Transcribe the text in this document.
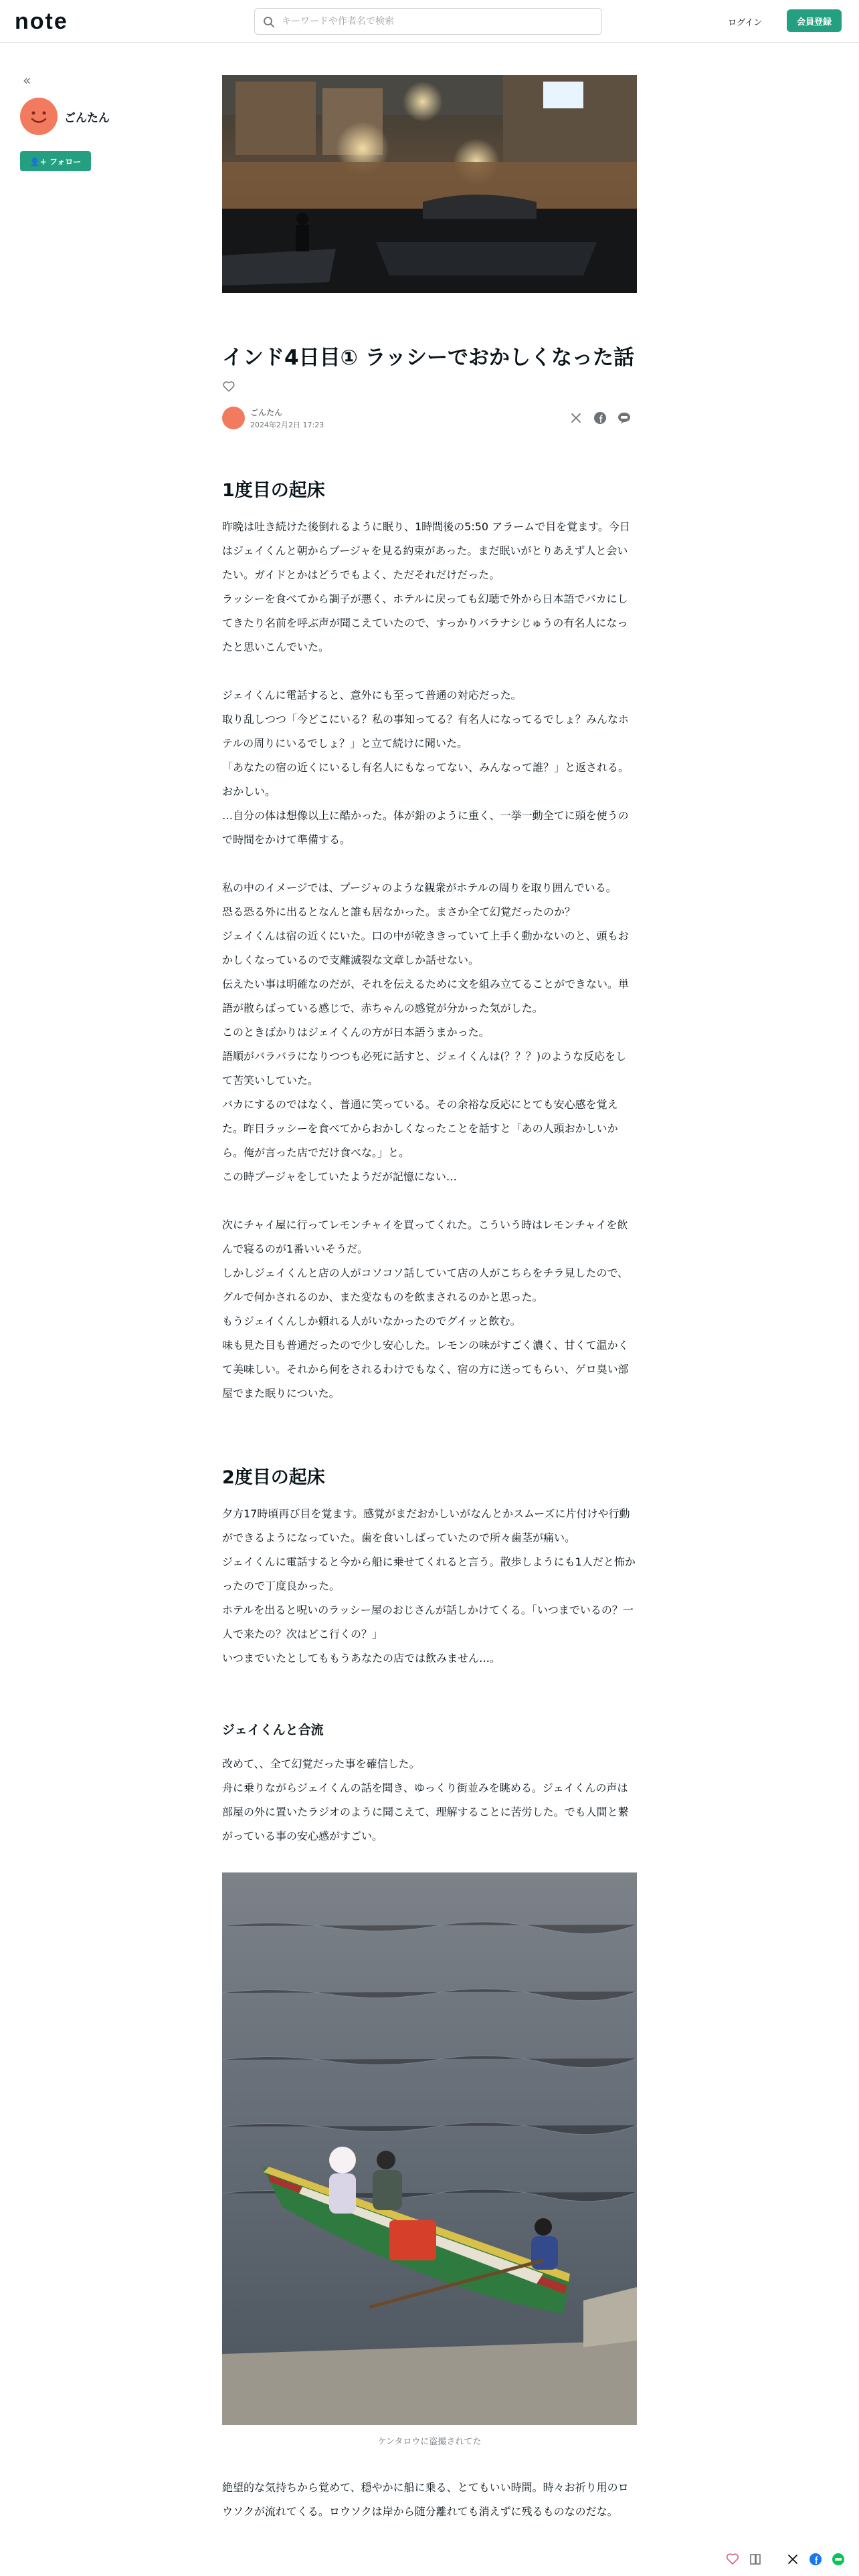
note
キーワードや作者名で検索	ログイン	会員登録
«
ごんたん
👤+ フォロー
インド4日目① ラッシーでおかしくなった話
ごんたん
2024年2月2日 17:23
1度目の起床

昨晩は吐き続けた後倒れるように眠り、1時間後の5:50 アラームで目を覚ます。今日はジェイくんと朝からプージャを見る約束があった。まだ眠いがとりあえず人と会いたい。ガイドとかはどうでもよく、ただそれだけだった。

ラッシーを食べてから調子が悪く、ホテルに戻っても幻聴で外から日本語でバカにしてきたり名前を呼ぶ声が聞こえていたので、すっかりバラナシじゅうの有名人になったと思いこんでいた。

ジェイくんに電話すると、意外にも至って普通の対応だった。

取り乱しつつ「今どこにいる？私の事知ってる？有名人になってるでしょ？みんなホテルの周りにいるでしょ？」と立て続けに聞いた。

「あなたの宿の近くにいるし有名人にもなってない、みんなって誰？」と返される。おかしい。

…自分の体は想像以上に酷かった。体が鉛のように重く、一挙一動全てに頭を使うので時間をかけて準備する。

私の中のイメージでは、プージャのような観衆がホテルの周りを取り囲んでいる。

恐る恐る外に出るとなんと誰も居なかった。まさか全て幻覚だったのか？

ジェイくんは宿の近くにいた。口の中が乾ききっていて上手く動かないのと、頭もおかしくなっているので支離滅裂な文章しか話せない。

伝えたい事は明確なのだが、それを伝えるために文を組み立てることができない。単語が散らばっている感じで、赤ちゃんの感覚が分かった気がした。

このときばかりはジェイくんの方が日本語うまかった。

語順がバラバラになりつつも必死に話すと、ジェイくんは(？？？)のような反応をして苦笑いしていた。

バカにするのではなく、普通に笑っている。その余裕な反応にとても安心感を覚えた。昨日ラッシーを食べてからおかしくなったことを話すと「あの人頭おかしいから。俺が言った店でだけ食べな。」と。

この時プージャをしていたようだが記憶にない…

次にチャイ屋に行ってレモンチャイを買ってくれた。こういう時はレモンチャイを飲んで寝るのが1番いいそうだ。

しかしジェイくんと店の人がコソコソ話していて店の人がこちらをチラ見したので、グルで何かされるのか、また変なものを飲まされるのかと思った。

もうジェイくんしか頼れる人がいなかったのでグイッと飲む。

味も見た目も普通だったので少し安心した。レモンの味がすごく濃く、甘くて温かくて美味しい。それから何をされるわけでもなく、宿の方に送ってもらい、ゲロ臭い部屋でまた眠りについた。

2度目の起床

夕方17時頃再び目を覚ます。感覚がまだおかしいがなんとかスムーズに片付けや行動ができるようになっていた。歯を食いしばっていたので所々歯茎が痛い。

ジェイくんに電話すると今から船に乗せてくれると言う。散歩しようにも1人だと怖かったので丁度良かった。

ホテルを出ると呪いのラッシー屋のおじさんが話しかけてくる。「いつまでいるの？一人で来たの？次はどこ行くの？」

いつまでいたとしてももうあなたの店では飲みません…。

ジェイくんと合流

改めて、、全て幻覚だった事を確信した。

舟に乗りながらジェイくんの話を聞き、ゆっくり街並みを眺める。ジェイくんの声は部屋の外に置いたラジオのように聞こえて、理解することに苦労した。でも人間と繋がっている事の安心感がすごい。

ケンタロウに盗撮されてた

絶望的な気持ちから覚めて、穏やかに船に乗る、とてもいい時間。時々お祈り用のロウソクが流れてくる。ロウソクは岸から随分離れても消えずに残るものなのだな。
